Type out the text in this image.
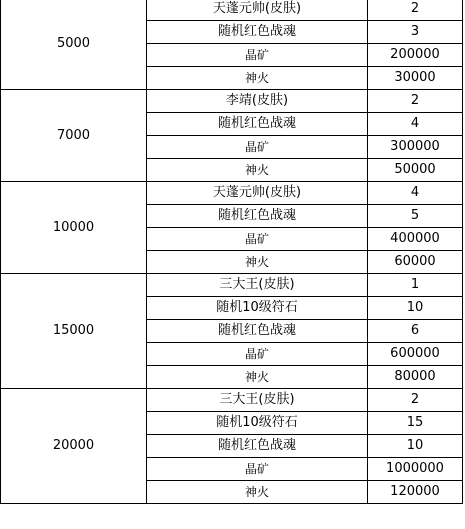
5000	天蓬元帅(皮肤)	2
	随机红色战魂	3
	晶矿	200000
	神火	30000
7000	李靖(皮肤)	2
	随机红色战魂	4
	晶矿	300000
	神火	50000
10000	天蓬元帅(皮肤)	4
	随机红色战魂	5
	晶矿	400000
	神火	60000
15000	三大王(皮肤)	1
	随机10级符石	10
	随机红色战魂	6
	晶矿	600000
	神火	80000
20000	三大王(皮肤)	2
	随机10级符石	15
	随机红色战魂	10
	晶矿	1000000
	神火	120000
